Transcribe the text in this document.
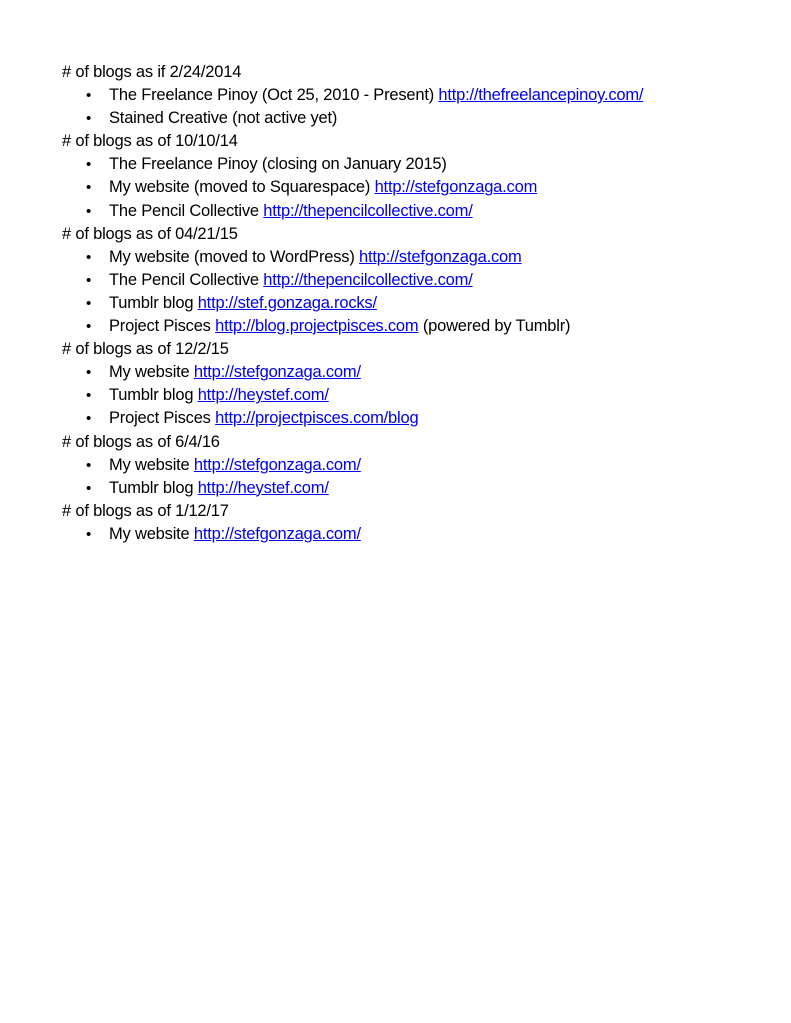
# of blogs as if 2/24/2014
• The Freelance Pinoy (Oct 25, 2010 - Present) http://thefreelancepinoy.com/
• Stained Creative (not active yet)
# of blogs as of 10/10/14
• The Freelance Pinoy (closing on January 2015)
• My website (moved to Squarespace) http://stefgonzaga.com
• The Pencil Collective http://thepencilcollective.com/
# of blogs as of 04/21/15
• My website (moved to WordPress) http://stefgonzaga.com
• The Pencil Collective http://thepencilcollective.com/
• Tumblr blog http://stef.gonzaga.rocks/
• Project Pisces http://blog.projectpisces.com (powered by Tumblr)
# of blogs as of 12/2/15
• My website http://stefgonzaga.com/
• Tumblr blog http://heystef.com/
• Project Pisces http://projectpisces.com/blog
# of blogs as of 6/4/16
• My website http://stefgonzaga.com/
• Tumblr blog http://heystef.com/
# of blogs as of 1/12/17
• My website http://stefgonzaga.com/
